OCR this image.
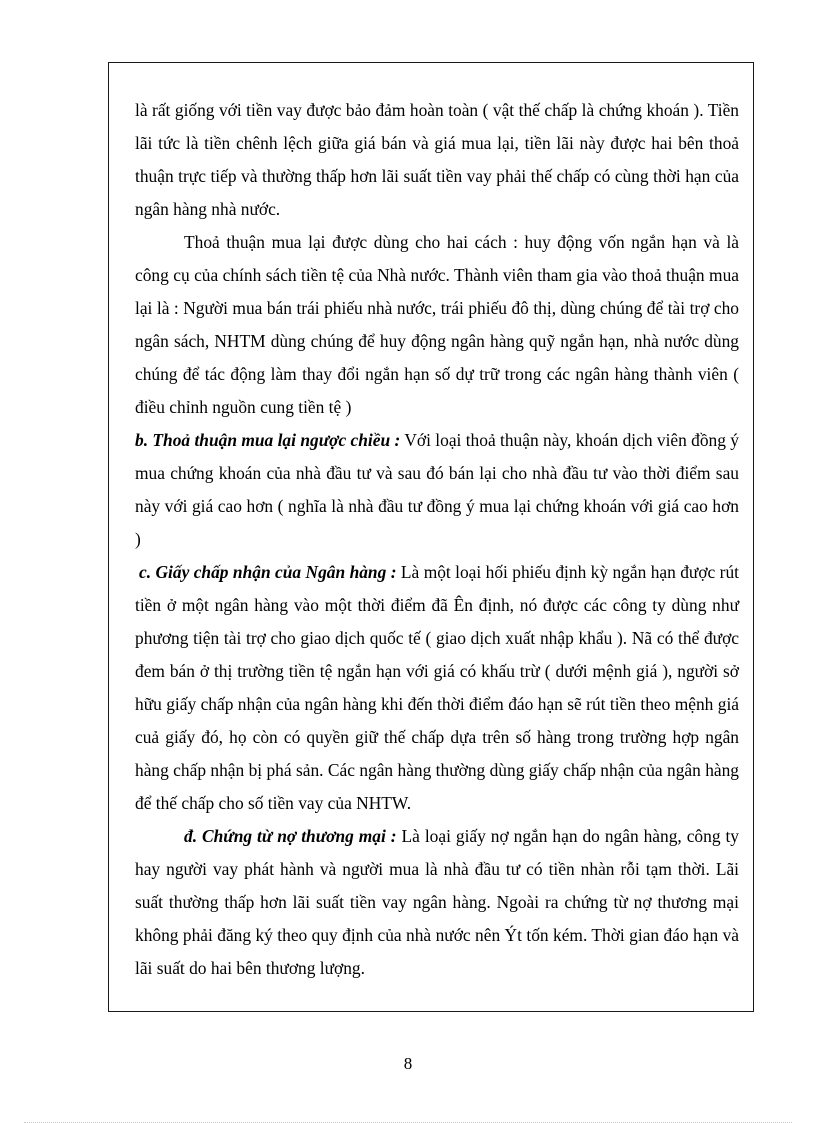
là rất giống với tiền vay được bảo đảm hoàn toàn ( vật thế chấp là chứng khoán ). Tiền lãi tức là tiền chênh lệch giữa giá bán và giá mua lại, tiền lãi này được hai bên thoả thuận trực tiếp và thường thấp hơn lãi suất tiền vay phải thế chấp có cùng thời hạn của ngân hàng nhà nước.

Thoả thuận mua lại được dùng cho hai cách : huy động vốn ngắn hạn và là công cụ của chính sách tiền tệ của Nhà nước. Thành viên tham gia vào thoả thuận mua lại là : Người mua bán trái phiếu nhà nước, trái phiếu đô thị, dùng chúng để tài trợ cho ngân sách, NHTM dùng chúng để huy động ngân hàng quỹ ngắn hạn, nhà nước dùng chúng để tác động làm thay đổi ngắn hạn số dự trữ trong các ngân hàng thành viên ( điều chỉnh nguồn cung tiền tệ )

b. Thoả thuận mua lại ngược chiều : Với loại thoả thuận này, khoán dịch viên đồng ý mua chứng khoán của nhà đầu tư và sau đó bán lại cho nhà đầu tư vào thời điểm sau này với giá cao hơn ( nghĩa là nhà đầu tư đồng ý mua lại chứng khoán với giá cao hơn )

c. Giấy chấp nhận của Ngân hàng : Là một loại hối phiếu định kỳ ngắn hạn được rút tiền ở một ngân hàng vào một thời điểm đã Ên định, nó được các công ty dùng như phương tiện tài trợ cho giao dịch quốc tế ( giao dịch xuất nhập khẩu ). Nã có thể được đem bán ở thị trường tiền tệ ngắn hạn với giá có khấu trừ ( dưới mệnh giá ), người sở hữu giấy chấp nhận của ngân hàng khi đến thời điểm đáo hạn sẽ rút tiền theo mệnh giá cuả giấy đó, họ còn có quyền giữ thế chấp dựa trên số hàng trong trường hợp ngân hàng chấp nhận bị phá sản. Các ngân hàng thường dùng giấy chấp nhận của ngân hàng để thế chấp cho số tiền vay của NHTW.

đ. Chứng từ nợ thương mại : Là loại giấy nợ ngắn hạn do ngân hàng, công ty hay người vay phát hành và người mua là nhà đầu tư có tiền nhàn rỗi tạm thời. Lãi suất thường thấp hơn lãi suất tiền vay ngân hàng. Ngoài ra chứng từ nợ thương mại không phải đăng ký theo quy định của nhà nước nên Ýt tốn kém. Thời gian đáo hạn và lãi suất do hai bên thương lượng.

8
